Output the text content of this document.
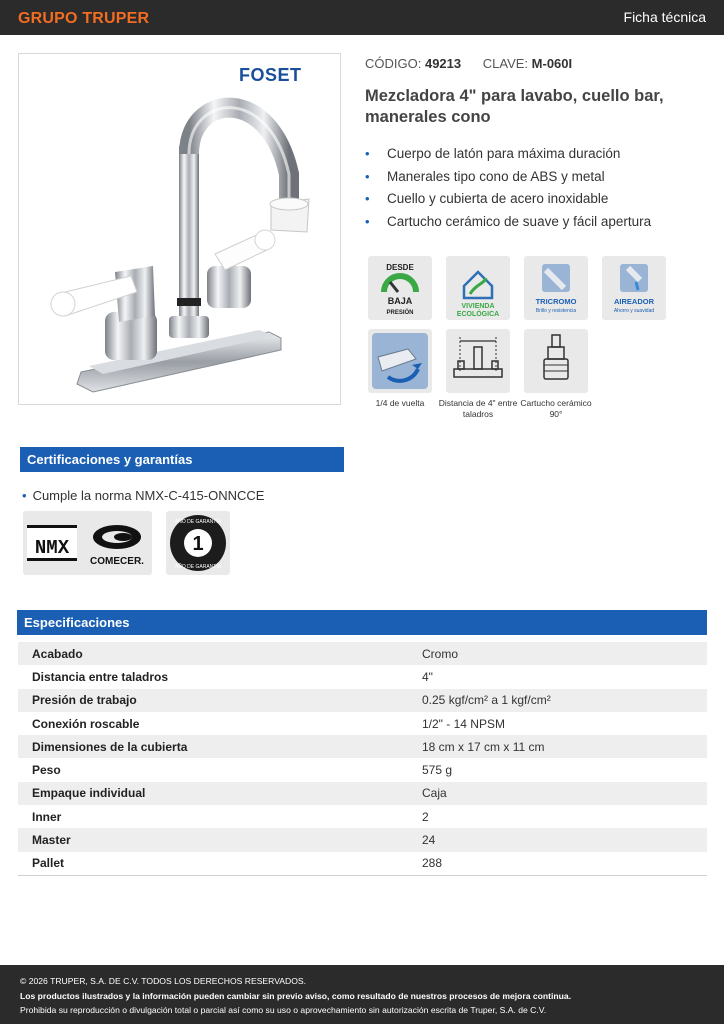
GRUPO TRUPER	Ficha técnica
FOSET
CÓDIGO: 49213 CLAVE: M-060I
Mezcladora 4" para lavabo, cuello bar, manerales cono
• Cuerpo de latón para máxima duración
• Manerales tipo cono de ABS y metal
• Cuello y cubierta de acero inoxidable
• Cartucho cerámico de suave y fácil apertura
DESDE
BAJA
PRESIÓN
VIVIENDA
ECOLÓGICA
TRICROMO
Brillo y resistencia
AIREADOR
Ahorro y suavidad
1/4 de vuelta	Distancia de 4" entre taladros
Cartucho cerámico 90°
Certificaciones y garantías
• Cumple la norma NMX-C-415-ONNCCE
NMX
COMECER.
1
AÑO DE GARANTÍA
AÑO DE GARANTÍA
Especificaciones
Acabado	Cromo
Distancia entre taladros	4"
Presión de trabajo	0.25 kgf/cm² a 1 kgf/cm²
Conexión roscable	1/2" - 14 NPSM
Dimensiones de la cubierta	18 cm x 17 cm x 11 cm
Peso	575 g
Empaque individual	Caja
Inner	2
Master	24
Pallet	288
© 2026 TRUPER, S.A. DE C.V. TODOS LOS DERECHOS RESERVADOS.
Los productos ilustrados y la información pueden cambiar sin previo aviso, como resultado de nuestros procesos de mejora continua.
Prohibida su reproducción o divulgación total o parcial así como su uso o aprovechamiento sin autorización escrita de Truper, S.A. de C.V.
